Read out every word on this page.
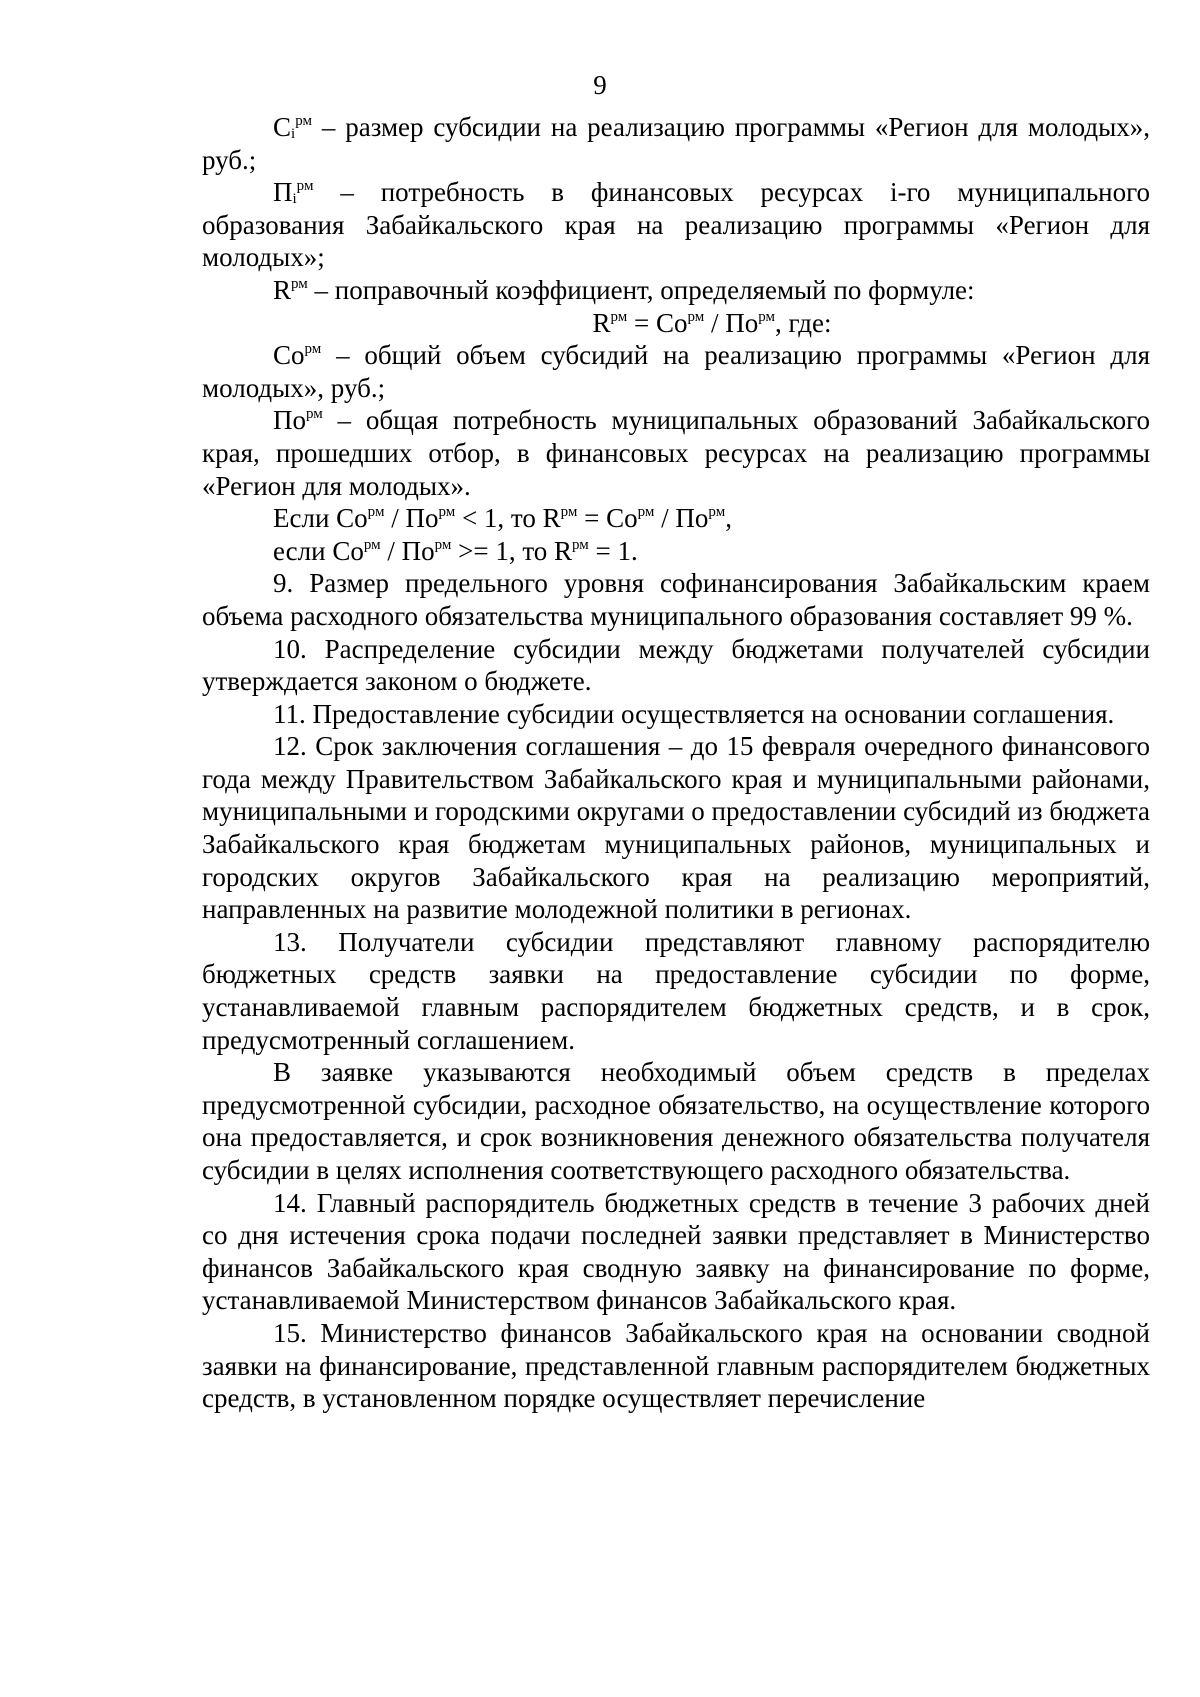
9

$С_i^{рм}$ – размер субсидии на реализацию программы «Регион для молодых», руб.;

$П_i^{рм}$ – потребность в финансовых ресурсах i-го муниципального образования Забайкальского края на реализацию программы «Регион для молодых»;

$R^{рм}$ – поправочный коэффициент, определяемый по формуле:

$R^{рм} = Со^{рм} / По^{рм}$, где:

$Со^{рм}$ – общий объем субсидий на реализацию программы «Регион для молодых», руб.;

$По^{рм}$ – общая потребность муниципальных образований Забайкальского края, прошедших отбор, в финансовых ресурсах на реализацию программы «Регион для молодых».

Если $Со^{рм} / По^{рм} < 1$, то $R^{рм} = Со^{рм} / По^{рм}$,

если $Со^{рм} / По^{рм} >= 1$, то $R^{рм} = 1$.

9. Размер предельного уровня софинансирования Забайкальским краем объема расходного обязательства муниципального образования составляет 99 %.

10. Распределение субсидии между бюджетами получателей субсидии утверждается законом о бюджете.

11. Предоставление субсидии осуществляется на основании соглашения.

12. Срок заключения соглашения – до 15 февраля очередного финансового года между Правительством Забайкальского края и муниципальными районами, муниципальными и городскими округами о предоставлении субсидий из бюджета Забайкальского края бюджетам муниципальных районов, муниципальных и городских округов Забайкальского края на реализацию мероприятий, направленных на развитие молодежной политики в регионах.

13. Получатели субсидии представляют главному распорядителю бюджетных средств заявки на предоставление субсидии по форме, устанавливаемой главным распорядителем бюджетных средств, и в срок, предусмотренный соглашением.

В заявке указываются необходимый объем средств в пределах предусмотренной субсидии, расходное обязательство, на осуществление которого она предоставляется, и срок возникновения денежного обязательства получателя субсидии в целях исполнения соответствующего расходного обязательства.

14. Главный распорядитель бюджетных средств в течение 3 рабочих дней со дня истечения срока подачи последней заявки представляет в Министерство финансов Забайкальского края сводную заявку на финансирование по форме, устанавливаемой Министерством финансов Забайкальского края.

15. Министерство финансов Забайкальского края на основании сводной заявки на финансирование, представленной главным распорядителем бюджетных средств, в установленном порядке осуществляет перечисление
